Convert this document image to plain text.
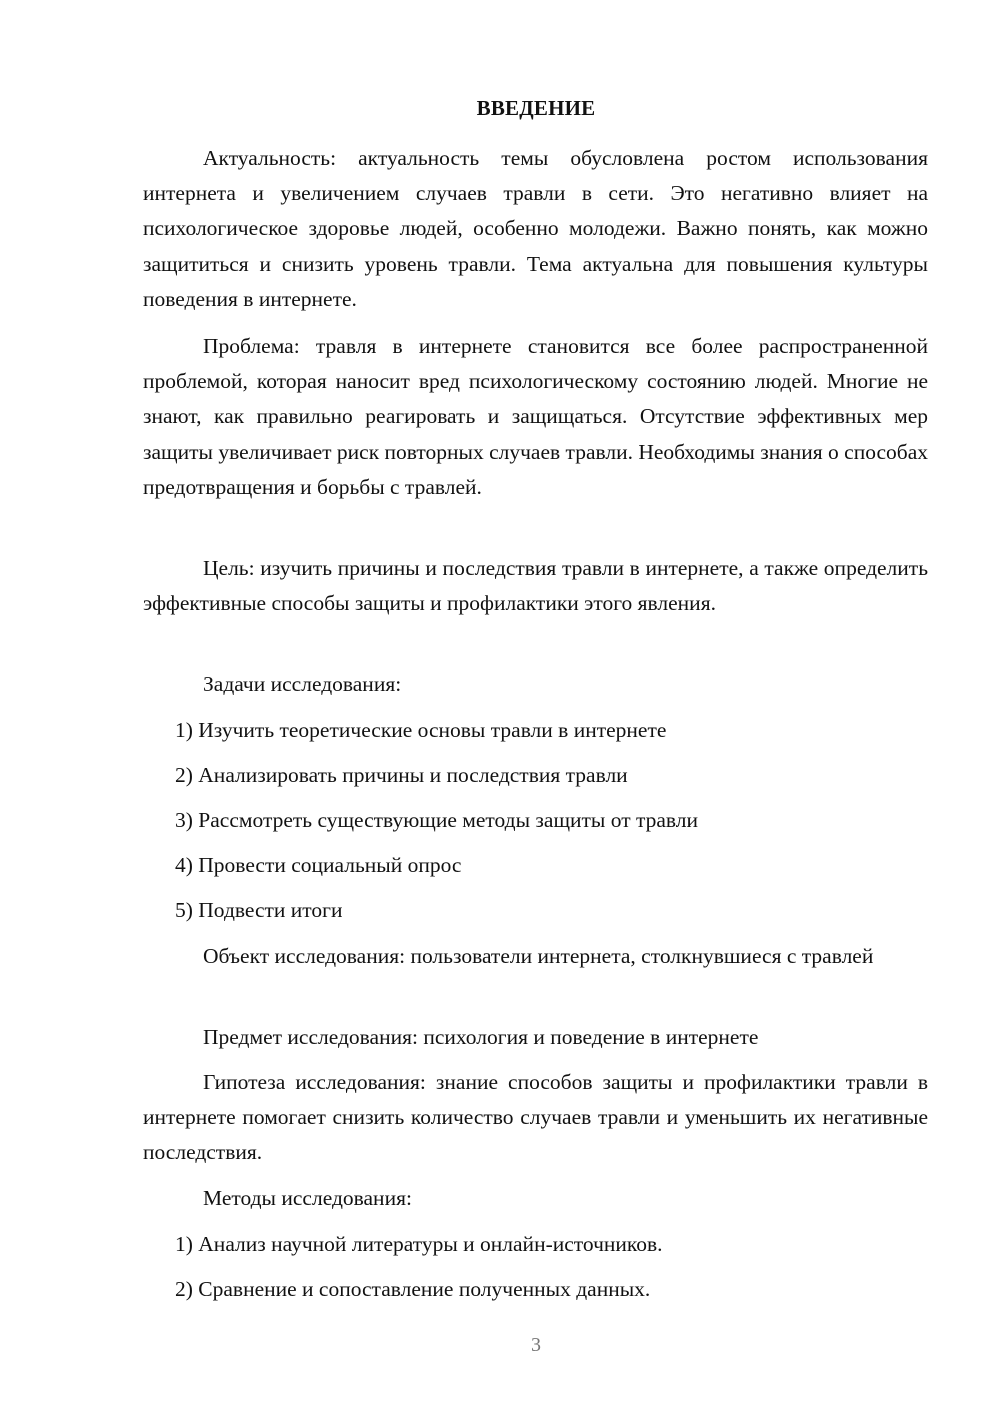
ВВЕДЕНИЕ

Актуальность: актуальность темы обусловлена ростом использования интернета и увеличением случаев травли в сети. Это негативно влияет на психологическое здоровье людей, особенно молодежи. Важно понять, как можно защититься и снизить уровень травли. Тема актуальна для повышения культуры поведения в интернете.

Проблема: травля в интернете становится все более распространенной проблемой, которая наносит вред психологическому состоянию людей. Многие не знают, как правильно реагировать и защищаться. Отсутствие эффективных мер защиты увеличивает риск повторных случаев травли. Необходимы знания о способах предотвращения и борьбы с травлей.

Цель: изучить причины и последствия травли в интернете, а также определить эффективные способы защиты и профилактики этого явления.

Задачи исследования:
1) Изучить теоретические основы травли в интернете
2) Анализировать причины и последствия травли
3) Рассмотреть существующие методы защиты от травли
4) Провести социальный опрос
5) Подвести итоги

Объект исследования: пользователи интернета, столкнувшиеся с травлей

Предмет исследования: психология и поведение в интернете

Гипотеза исследования: знание способов защиты и профилактики травли в интернете помогает снизить количество случаев травли и уменьшить их негативные последствия.

Методы исследования:
1) Анализ научной литературы и онлайн-источников.
2) Сравнение и сопоставление полученных данных.
3
